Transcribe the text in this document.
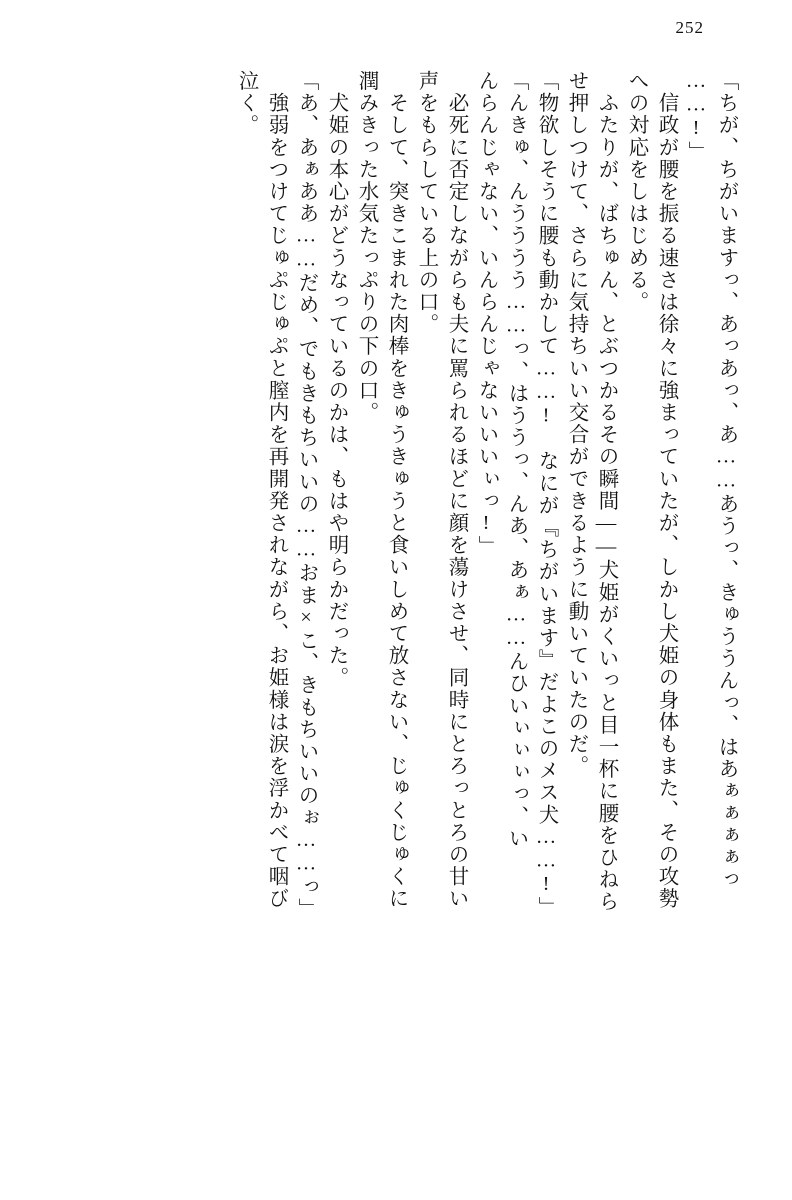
252
「ちが、ちがいますっ、あっあっ、あ……あうっ、きゅううんっ、はあぁぁぁぁっ
……!」
　信政が腰を振る速さは徐々に強まっていたが、しかし犬姫の身体もまた、その攻勢
への対応をしはじめる。
　ふたりが、ばちゅん、とぶつかるその瞬間——犬姫がくいっと目一杯に腰をひねら
せ押しつけて、さらに気持ちいい交合ができるように動いていたのだ。
「物欲しそうに腰も動かして……!　なにが『ちがいます』だよこのメス犬……!」
「んきゅ、んうううう……っ、はううっ、んあ、あぁ……んひいぃぃぃっ、い
んらんじゃない、いんらんじゃないいいぃっ!」
　必死に否定しながらも夫に罵られるほどに顔を蕩けさせ、同時にとろっとろの甘い
声をもらしている上の口。
　そして、突きこまれた肉棒をきゅうきゅうと食いしめて放さない、じゅくじゅくに
潤みきった水気たっぷりの下の口。
　犬姫の本心がどうなっているのかは、もはや明らかだった。
「あ、あぁああ……だめ、でもきもちいいの……おま×こ、きもちいいのぉ……っ」
　強弱をつけてじゅぷじゅぷと膣内を再開発されながら、お姫様は涙を浮かべて咽び
泣く。
